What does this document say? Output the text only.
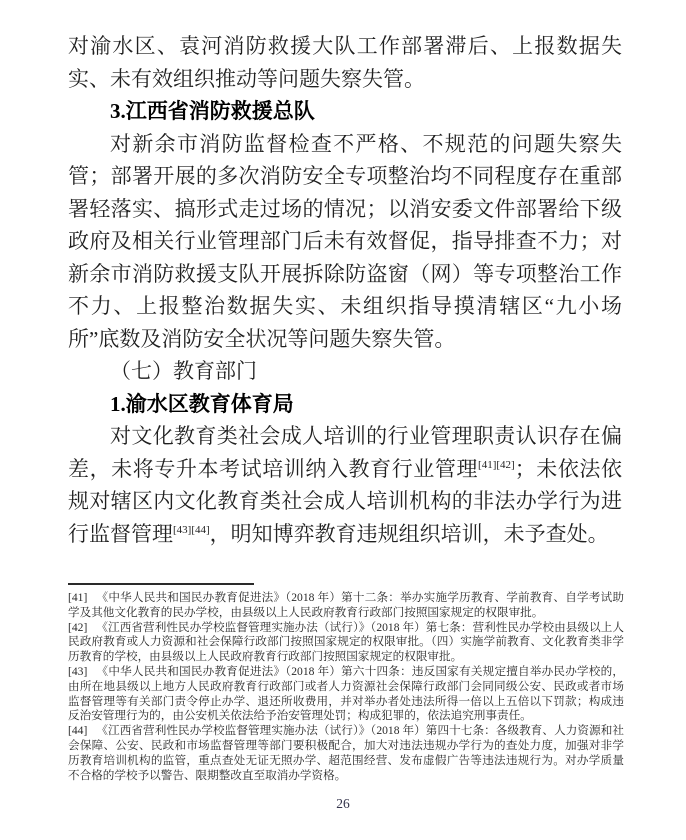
对渝水区、袁河消防救援大队工作部署滞后、上报数据失实、未有效组织推动等问题失察失管。

3.江西省消防救援总队

对新余市消防监督检查不严格、不规范的问题失察失管；部署开展的多次消防安全专项整治均不同程度存在重部署轻落实、搞形式走过场的情况；以消安委文件部署给下级政府及相关行业管理部门后未有效督促，指导排查不力；对新余市消防救援支队开展拆除防盗窗（网）等专项整治工作不力、上报整治数据失实、未组织指导摸清辖区“九小场所”底数及消防安全状况等问题失察失管。

（七）教育部门

1.渝水区教育体育局

对文化教育类社会成人培训的行业管理职责认识存在偏差，未将专升本考试培训纳入教育行业管理[41][42]；未依法依规对辖区内文化教育类社会成人培训机构的非法办学行为进行监督管理[43][44]，明知博弈教育违规组织培训，未予查处。

[41] 《中华人民共和国民办教育促进法》（2018 年）第十二条：举办实施学历教育、学前教育、自学考试助学及其他文化教育的民办学校，由县级以上人民政府教育行政部门按照国家规定的权限审批。

[42] 《江西省营利性民办学校监督管理实施办法（试行）》（2018 年）第七条：营利性民办学校由县级以上人民政府教育或人力资源和社会保障行政部门按照国家规定的权限审批。（四）实施学前教育、文化教育类非学历教育的学校，由县级以上人民政府教育行政部门按照国家规定的权限审批。

[43] 《中华人民共和国民办教育促进法》（2018 年）第六十四条：违反国家有关规定擅自举办民办学校的，由所在地县级以上地方人民政府教育行政部门或者人力资源社会保障行政部门会同同级公安、民政或者市场监督管理等有关部门责令停止办学、退还所收费用，并对举办者处违法所得一倍以上五倍以下罚款；构成违反治安管理行为的，由公安机关依法给予治安管理处罚；构成犯罪的，依法追究刑事责任。

[44] 《江西省营利性民办学校监督管理实施办法（试行）》（2018 年）第四十七条：各级教育、人力资源和社会保障、公安、民政和市场监督管理等部门要积极配合，加大对违法违规办学行为的查处力度，加强对非学历教育培训机构的监管，重点查处无证无照办学、超范围经营、发布虚假广告等违法违规行为。对办学质量不合格的学校予以警告、限期整改直至取消办学资格。

26
